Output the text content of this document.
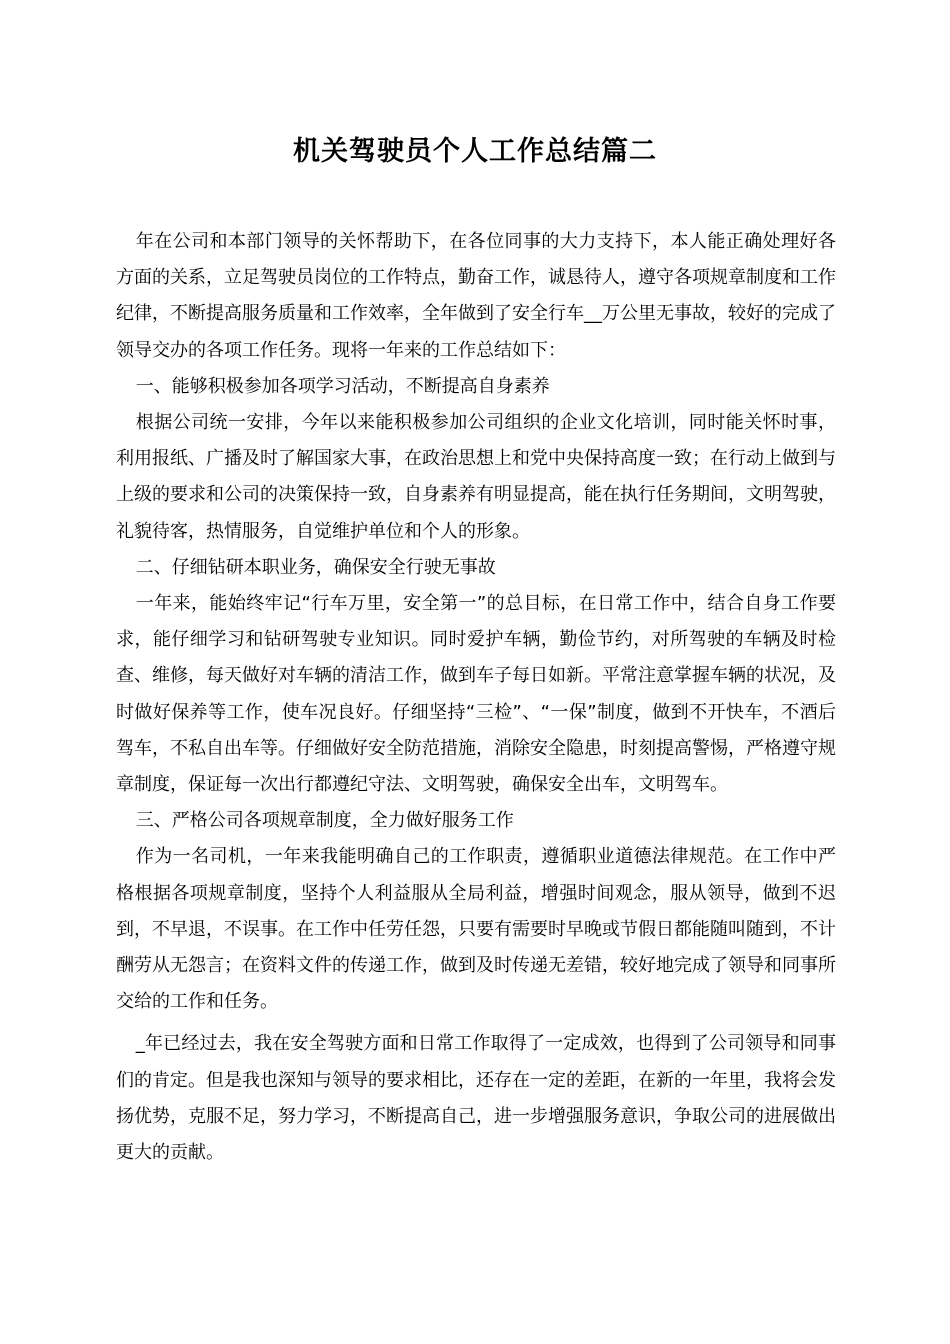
机关驾驶员个人工作总结篇二

年在公司和本部门领导的关怀帮助下，在各位同事的大力支持下，本人能正确处理好各方面的关系，立足驾驶员岗位的工作特点，勤奋工作，诚恳待人，遵守各项规章制度和工作纪律，不断提高服务质量和工作效率，全年做到了安全行车__万公里无事故，较好的完成了领导交办的各项工作任务。现将一年来的工作总结如下：

一、能够积极参加各项学习活动，不断提高自身素养

根据公司统一安排，今年以来能积极参加公司组织的企业文化培训，同时能关怀时事，利用报纸、广播及时了解国家大事，在政治思想上和党中央保持高度一致；在行动上做到与上级的要求和公司的决策保持一致，自身素养有明显提高，能在执行任务期间，文明驾驶，礼貌待客，热情服务，自觉维护单位和个人的形象。

二、仔细钻研本职业务，确保安全行驶无事故

一年来，能始终牢记“行车万里，安全第一”的总目标，在日常工作中，结合自身工作要求，能仔细学习和钻研驾驶专业知识。同时爱护车辆，勤俭节约，对所驾驶的车辆及时检查、维修，每天做好对车辆的清洁工作，做到车子每日如新。平常注意掌握车辆的状况，及时做好保养等工作，使车况良好。仔细坚持“三检”、“一保”制度，做到不开快车，不酒后驾车，不私自出车等。仔细做好安全防范措施，消除安全隐患，时刻提高警惕，严格遵守规章制度，保证每一次出行都遵纪守法、文明驾驶，确保安全出车，文明驾车。

三、严格公司各项规章制度，全力做好服务工作

作为一名司机，一年来我能明确自己的工作职责，遵循职业道德法律规范。在工作中严格根据各项规章制度，坚持个人利益服从全局利益，增强时间观念，服从领导，做到不迟到，不早退，不误事。在工作中任劳任怨，只要有需要时早晚或节假日都能随叫随到，不计酬劳从无怨言；在资料文件的传递工作，做到及时传递无差错，较好地完成了领导和同事所交给的工作和任务。

_年已经过去，我在安全驾驶方面和日常工作取得了一定成效，也得到了公司领导和同事们的肯定。但是我也深知与领导的要求相比，还存在一定的差距，在新的一年里，我将会发扬优势，克服不足，努力学习，不断提高自己，进一步增强服务意识，争取公司的进展做出更大的贡献。
